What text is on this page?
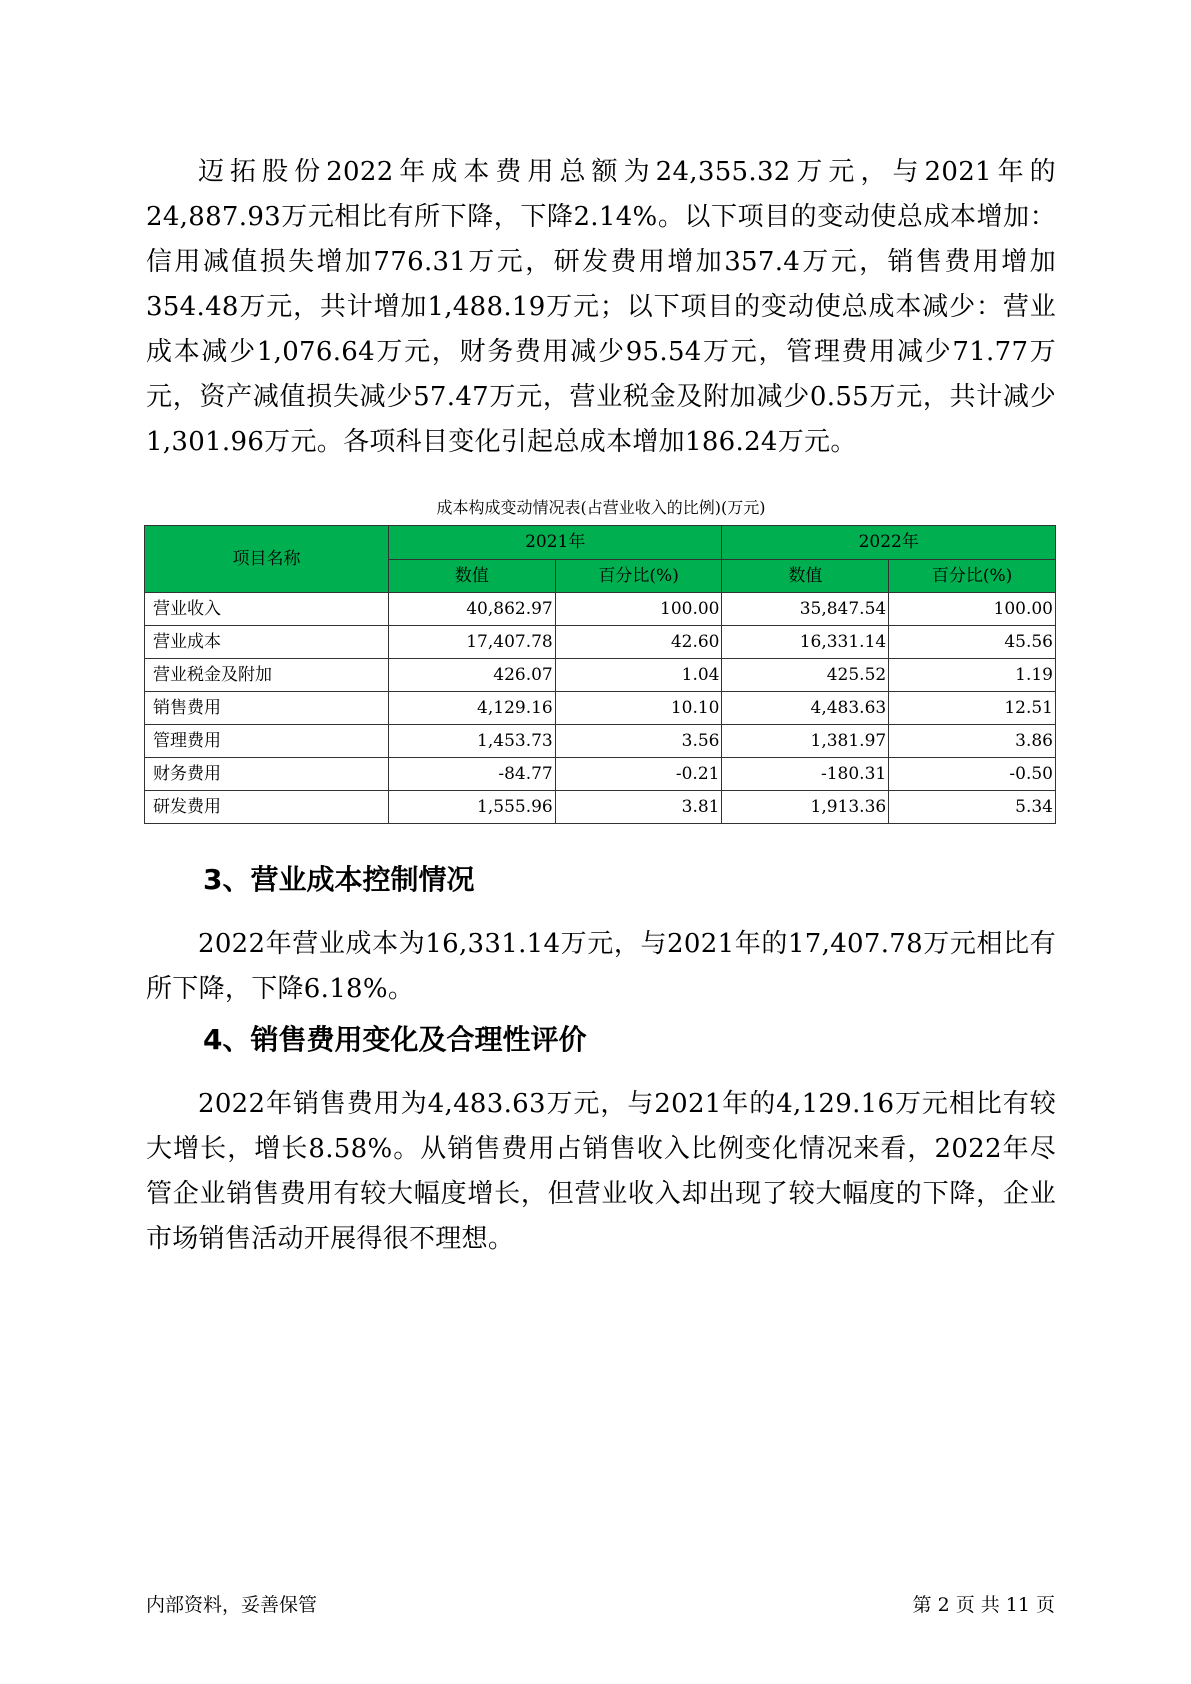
迈拓股份2022年成本费用总额为24,355.32万元，与2021年的24,887.93万元相比有所下降，下降2.14%。以下项目的变动使总成本增加：信用减值损失增加776.31万元，研发费用增加357.4万元，销售费用增加354.48万元，共计增加1,488.19万元；以下项目的变动使总成本减少：营业成本减少1,076.64万元，财务费用减少95.54万元，管理费用减少71.77万元，资产减值损失减少57.47万元，营业税金及附加减少0.55万元，共计减少1,301.96万元。各项科目变化引起总成本增加186.24万元。

成本构成变动情况表(占营业收入的比例)(万元)
项目名称	2021年		2022年	
	数值	百分比(%)	数值	百分比(%)
营业收入	40,862.97	100.00	35,847.54	100.00
营业成本	17,407.78	42.60	16,331.14	45.56
营业税金及附加	426.07	1.04	425.52	1.19
销售费用	4,129.16	10.10	4,483.63	12.51
管理费用	1,453.73	3.56	1,381.97	3.86
财务费用	-84.77	-0.21	-180.31	-0.50
研发费用	1,555.96	3.81	1,913.36	5.34
3、营业成本控制情况

2022年营业成本为16,331.14万元，与2021年的17,407.78万元相比有所下降，下降6.18%。

4、销售费用变化及合理性评价

2022年销售费用为4,483.63万元，与2021年的4,129.16万元相比有较大增长，增长8.58%。从销售费用占销售收入比例变化情况来看，2022年尽管企业销售费用有较大幅度增长，但营业收入却出现了较大幅度的下降，企业市场销售活动开展得很不理想。

内部资料，妥善保管	第 2 页 共 11 页
